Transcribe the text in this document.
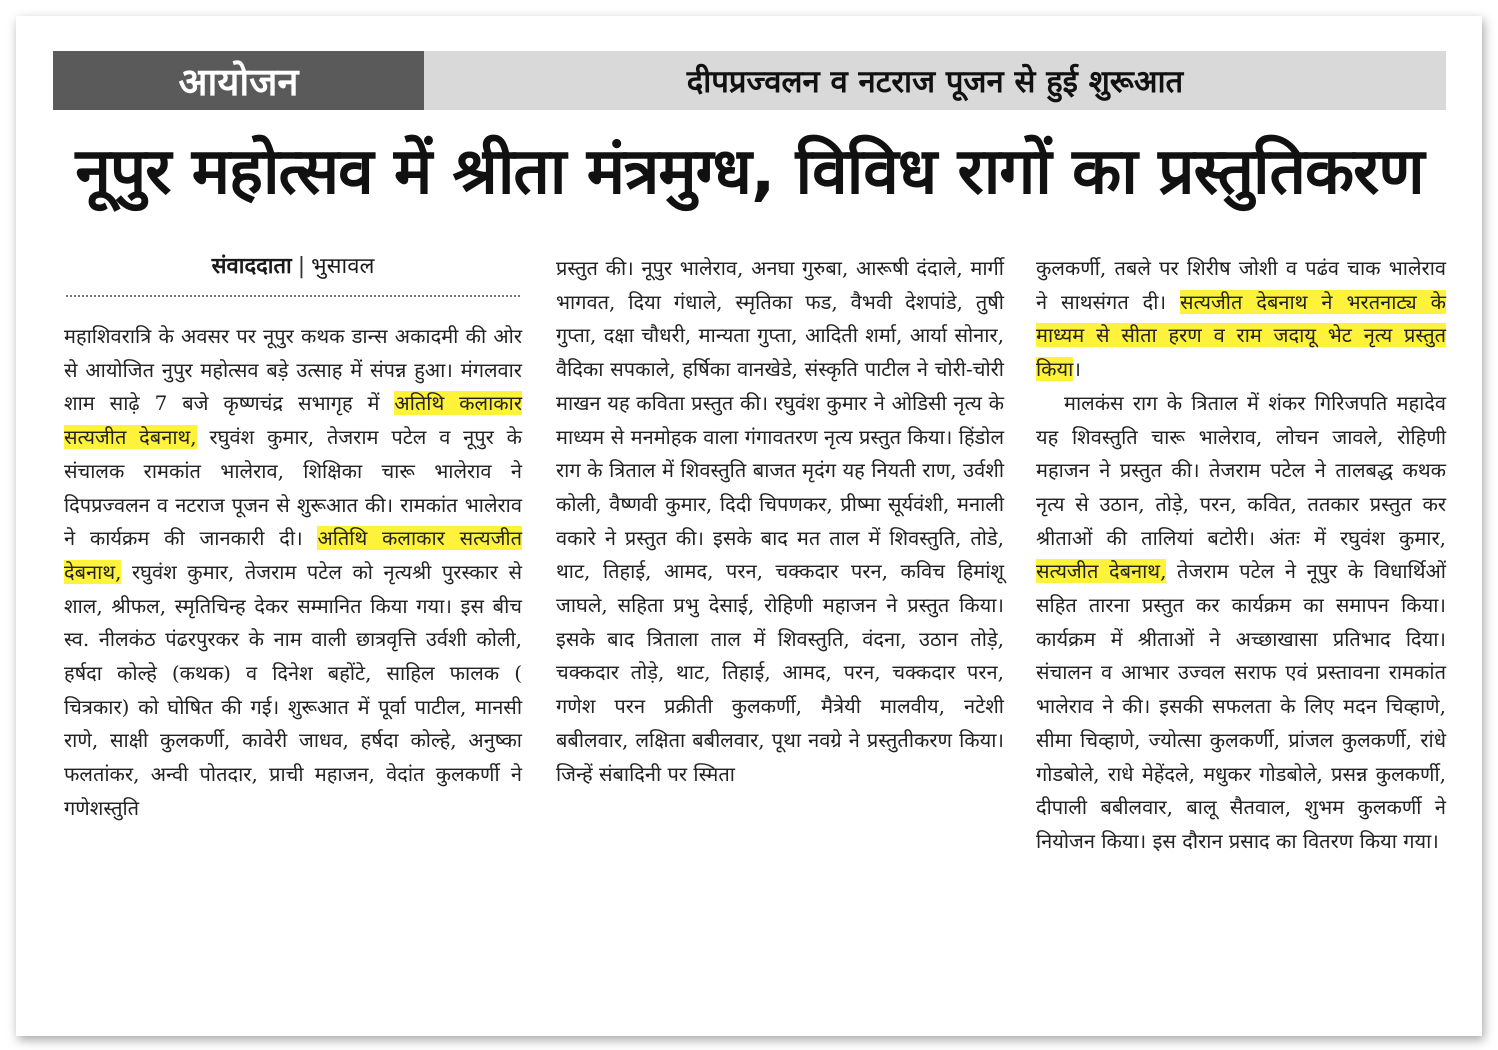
आयोजन	दीपप्रज्वलन व नटराज पूजन से हुई शुरूआत
नूपुर महोत्सव में श्रीता मंत्रमुग्ध, विविध रागों का प्रस्तुतिकरण
संवाददाता | भुसावल

महाशिवरात्रि के अवसर पर नूपुर कथक डान्स अकादमी की ओर से आयोजित नुपुर महोत्सव बड़े उत्साह में संपन्न हुआ। मंगलवार शाम साढ़े 7 बजे कृष्णचंद्र सभागृह में अतिथि कलाकार सत्यजीत देबनाथ, रघुवंश कुमार, तेजराम पटेल व नूपुर के संचालक रामकांत भालेराव, शिक्षिका चारू भालेराव ने दिपप्रज्वलन व नटराज पूजन से शुरूआत की। रामकांत भालेराव ने कार्यक्रम की जानकारी दी। अतिथि कलाकार सत्यजीत देबनाथ, रघुवंश कुमार, तेजराम पटेल को नृत्यश्री पुरस्कार से शाल, श्रीफल, स्मृतिचिन्ह देकर सम्मानित किया गया। इस बीच स्व. नीलकंठ पंढरपुरकर के नाम वाली छात्रवृत्ति उर्वशी कोली, हर्षदा कोल्हे (कथक) व दिनेश बहोंटे, साहिल फालक ( चित्रकार) को घोषित की गई। शुरूआत में पूर्वा पाटील, मानसी राणे, साक्षी कुलकर्णी, कावेरी जाधव, हर्षदा कोल्हे, अनुष्का फलतांकर, अन्वी पोतदार, प्राची महाजन, वेदांत कुलकर्णी ने गणेशस्तुति

प्रस्तुत की। नूपुर भालेराव, अनघा गुरुबा, आरूषी दंदाले, मार्गी भागवत, दिया गंधाले, स्मृतिका फड, वैभवी देशपांडे, तुषी गुप्ता, दक्षा चौधरी, मान्यता गुप्ता, आदिती शर्मा, आर्या सोनार, वैदिका सपकाले, हर्षिका वानखेडे, संस्कृति पाटील ने चोरी-चोरी माखन यह कविता प्रस्तुत की। रघुवंश कुमार ने ओडिसी नृत्य के माध्यम से मनमोहक वाला गंगावतरण नृत्य प्रस्तुत किया। हिंडोल राग के त्रिताल में शिवस्तुति बाजत मृदंग यह नियती राण, उर्वशी कोली, वैष्णवी कुमार, दिदी चिपणकर, प्रीष्मा सूर्यवंशी, मनाली वकारे ने प्रस्तुत की। इसके बाद मत ताल में शिवस्तुति, तोडे, थाट, तिहाई, आमद, परन, चक्कदार परन, कविच हिमांशू जाघले, सहिता प्रभु देसाई, रोहिणी महाजन ने प्रस्तुत किया। इसके बाद त्रिताला ताल में शिवस्तुति, वंदना, उठान तोड़े, चक्कदार तोड़े, थाट, तिहाई, आमद, परन, चक्कदार परन, गणेश परन प्रक्रीती कुलकर्णी, मैत्रेयी मालवीय, नटेशी बबीलवार, लक्षिता बबीलवार, पूथा नवग्रे ने प्रस्तुतीकरण किया। जिन्हें संबादिनी पर स्मिता

कुलकर्णी, तबले पर शिरीष जोशी व पढंव चाक भालेराव ने साथसंगत दी। सत्यजीत देबनाथ ने भरतनाट्य के माध्यम से सीता हरण व राम जदायू भेट नृत्य प्रस्तुत किया।

मालकंस राग के त्रिताल में शंकर गिरिजपति महादेव यह शिवस्तुति चारू भालेराव, लोचन जावले, रोहिणी महाजन ने प्रस्तुत की। तेजराम पटेल ने तालबद्ध कथक नृत्य से उठान, तोड़े, परन, कवित, ततकार प्रस्तुत कर श्रीताओं की तालियां बटोरी। अंतः में रघुवंश कुमार, सत्यजीत देबनाथ, तेजराम पटेल ने नूपुर के विधार्थिओं सहित तारना प्रस्तुत कर कार्यक्रम का समापन किया। कार्यक्रम में श्रीताओं ने अच्छाखासा प्रतिभाद दिया। संचालन व आभार उज्वल सराफ एवं प्रस्तावना रामकांत भालेराव ने की। इसकी सफलता के लिए मदन चिव्हाणे, सीमा चिव्हाणे, ज्योत्सा कुलकर्णी, प्रांजल कुलकर्णी, रांधे गोडबोले, राधे मेहेंदले, मधुकर गोडबोले, प्रसन्न कुलकर्णी, दीपाली बबीलवार, बालू सैतवाल, शुभम कुलकर्णी ने नियोजन किया। इस दौरान प्रसाद का वितरण किया गया।
